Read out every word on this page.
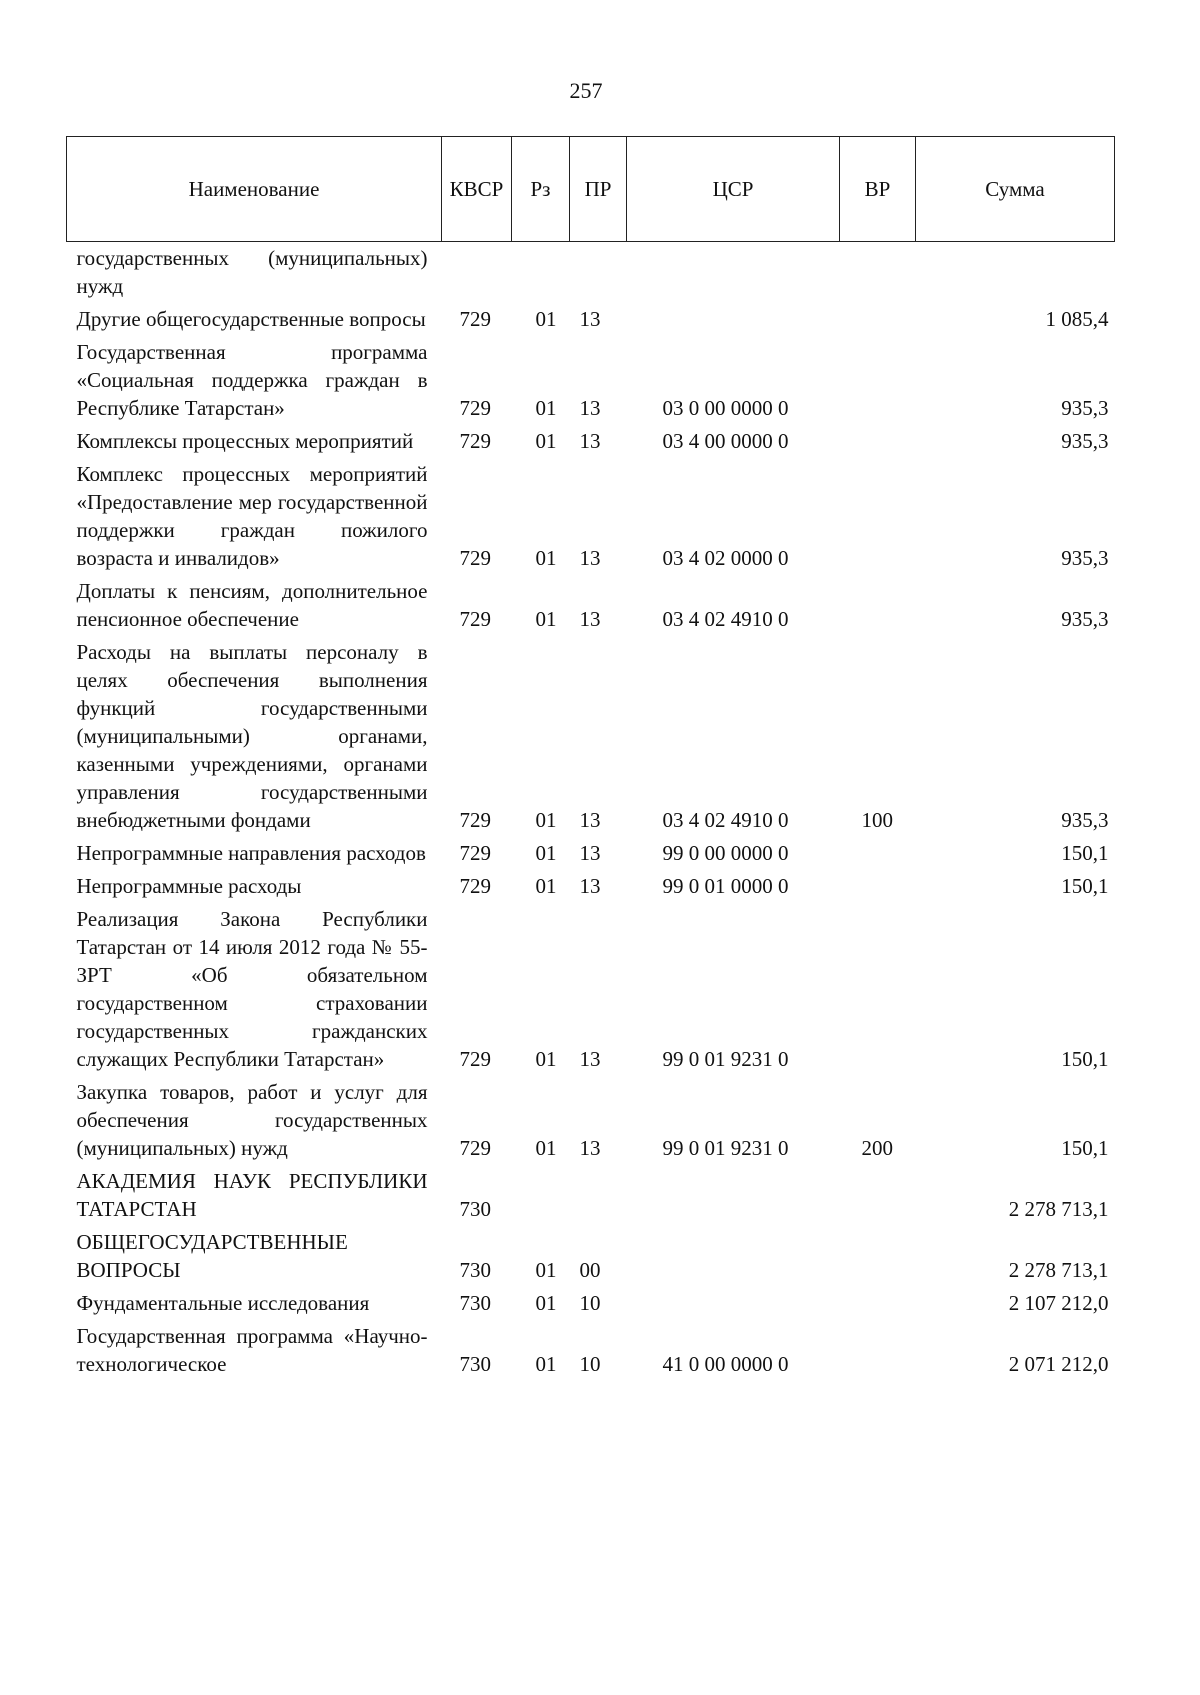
257
Наименование	КВСР	Рз	ПР	ЦСР	ВР	Сумма
государственных (муниципальных) нужд						
Другие общегосударственные вопросы	729	01	13			1 085,4
Государственная программа «Социальная поддержка граждан в Республике Татарстан»	729	01	13	03 0 00 0000 0		935,3
Комплексы процессных мероприятий	729	01	13	03 4 00 0000 0		935,3
Комплекс процессных мероприятий «Предоставление мер государственной поддержки граждан пожилого возраста и инвалидов»	729	01	13	03 4 02 0000 0		935,3
Доплаты к пенсиям, дополнительное пенсионное обеспечение	729	01	13	03 4 02 4910 0		935,3
Расходы на выплаты персоналу в целях обеспечения выполнения функций государственными (муниципальными) органами, казенными учреждениями, органами управления государственными внебюджетными фондами	729	01	13	03 4 02 4910 0	100	935,3
Непрограммные направления расходов	729	01	13	99 0 00 0000 0		150,1
Непрограммные расходы	729	01	13	99 0 01 0000 0		150,1
Реализация Закона Республики Татарстан от 14 июля 2012 года № 55-ЗРТ «Об обязательном государственном страховании государственных гражданских служащих Республики Татарстан»	729	01	13	99 0 01 9231 0		150,1
Закупка товаров, работ и услуг для обеспечения государственных (муниципальных) нужд	729	01	13	99 0 01 9231 0	200	150,1
АКАДЕМИЯ НАУК РЕСПУБЛИКИ ТАТАРСТАН	730					2 278 713,1
ОБЩЕГОСУДАРСТВЕННЫЕ ВОПРОСЫ	730	01	00			2 278 713,1
Фундаментальные исследования	730	01	10			2 107 212,0
Государственная программа «Научно-технологическое	730	01	10	41 0 00 0000 0		2 071 212,0
